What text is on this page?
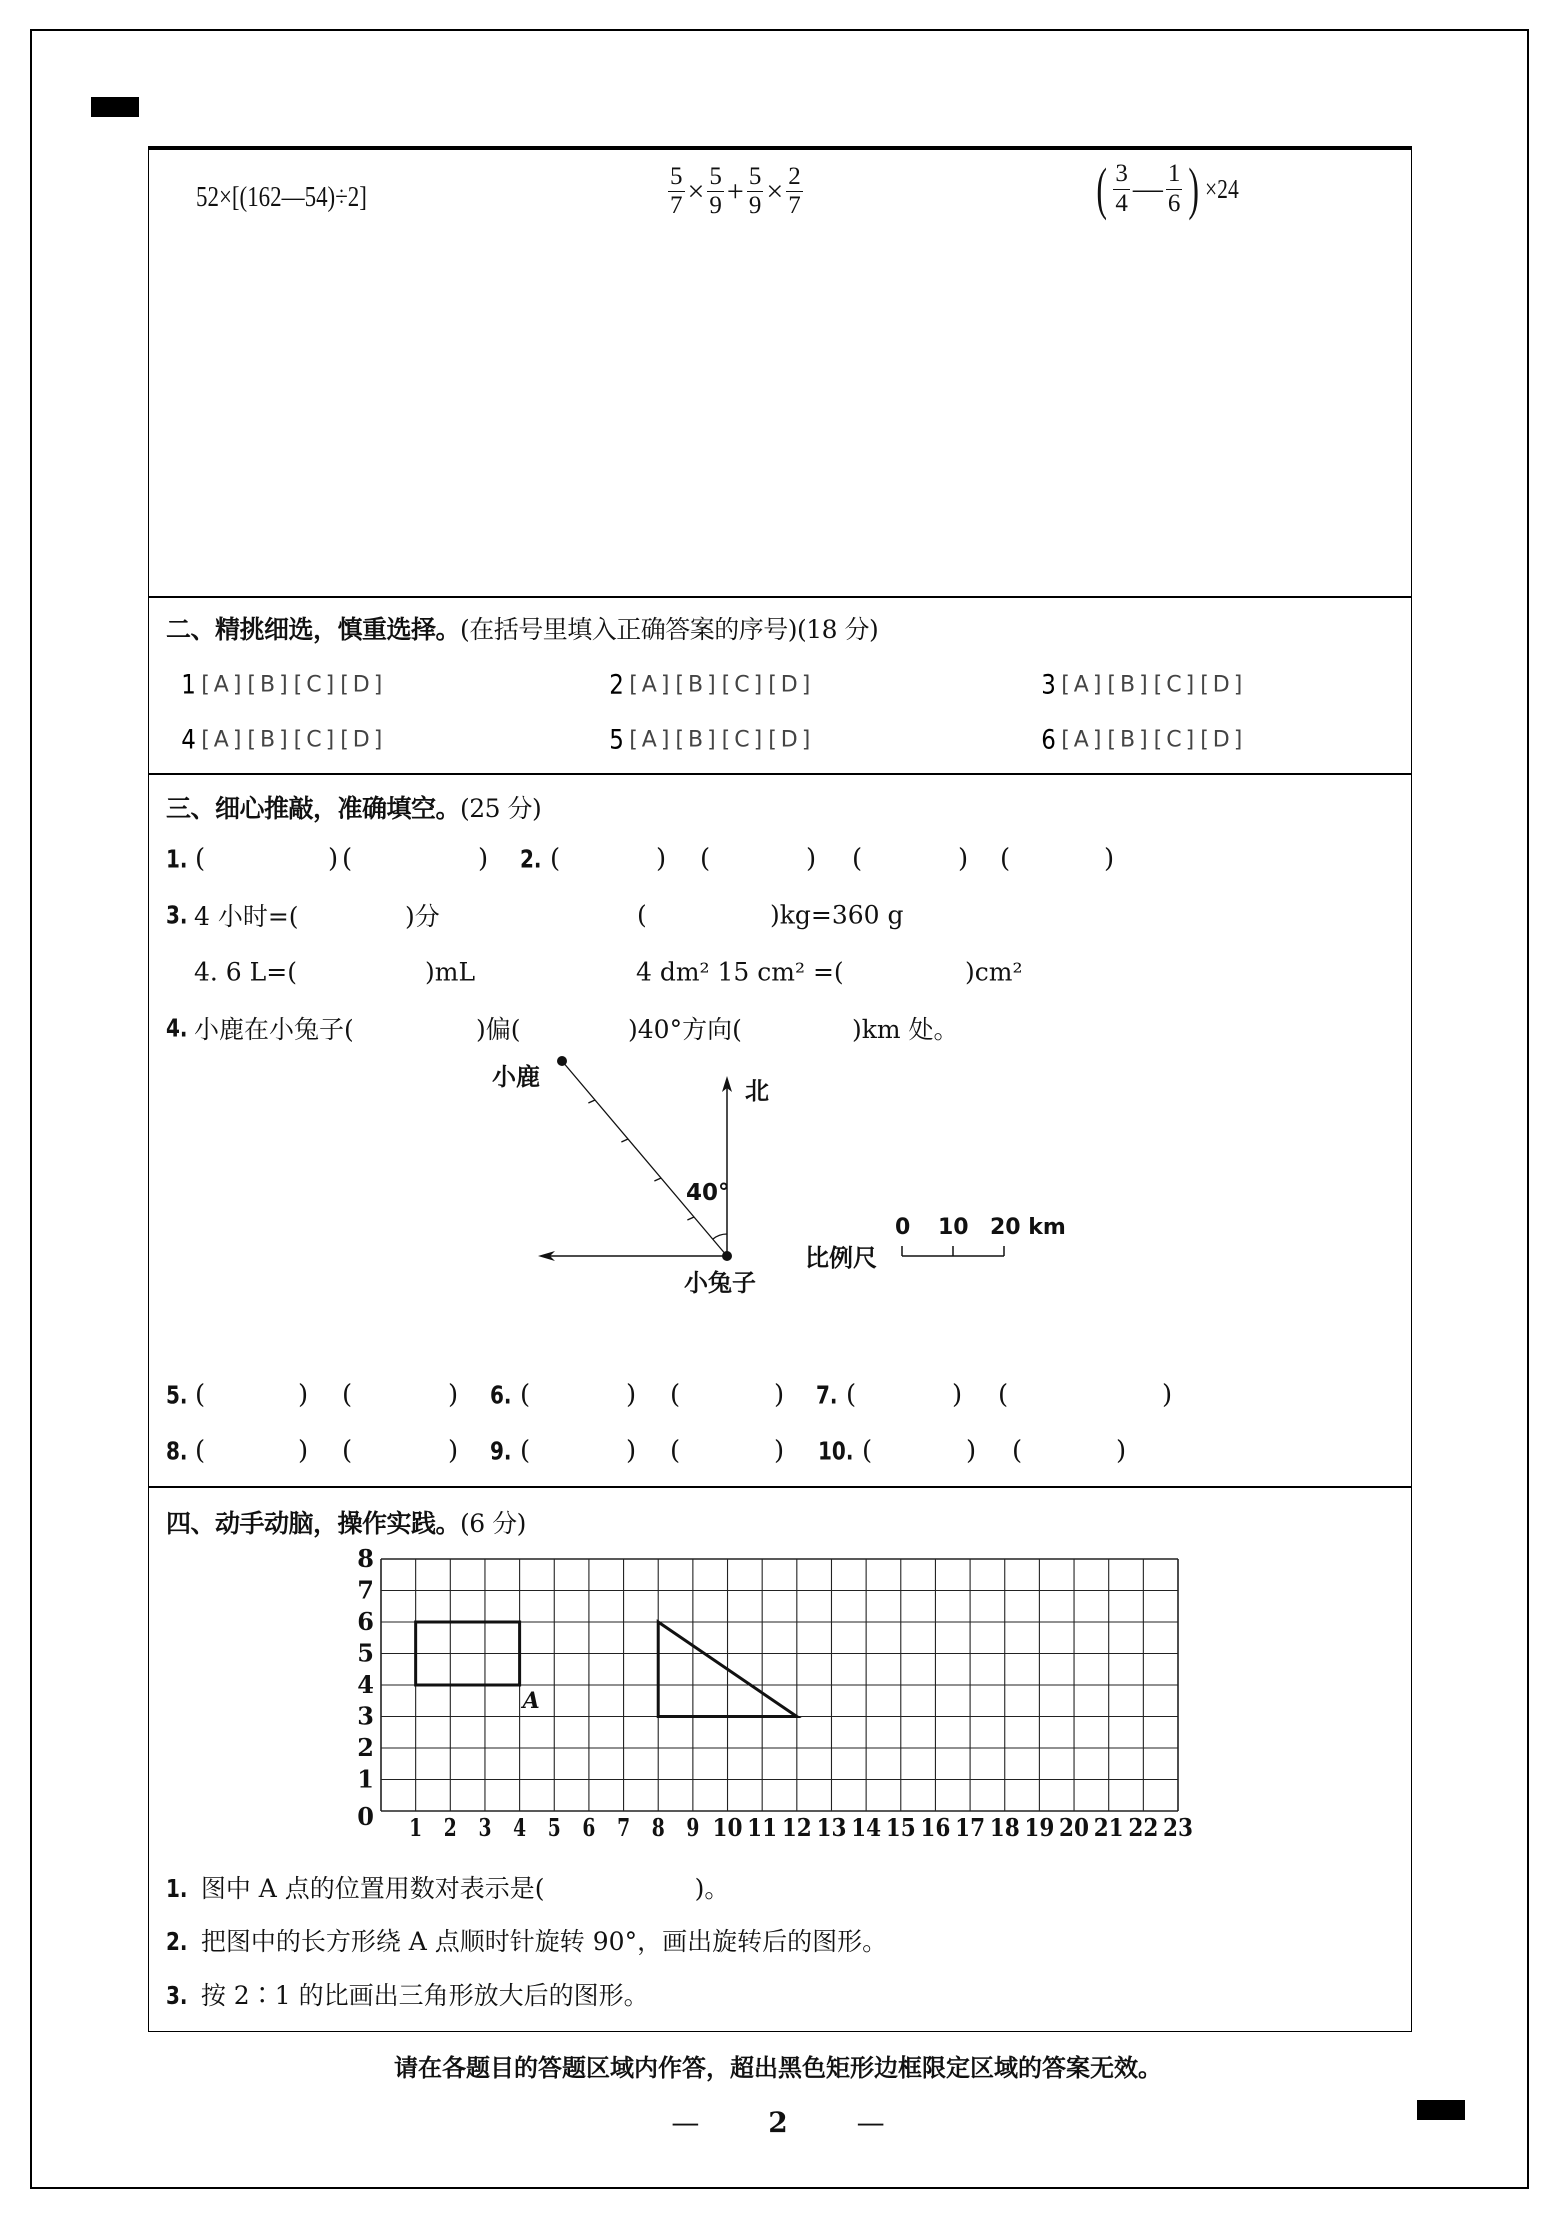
52×[(162—54)÷2]	$\frac{5}{7} \times \frac{5}{9} + \frac{5}{9} \times \frac{2}{7}$	( $\frac{3}{4}$ — $\frac{1}{6}$ ) ×24
二、精挑细选，慎重选择。(在括号里填入正确答案的序号)(18 分)
1 [A] [B] [C] [D]	2 [A] [B] [C] [D]	3 [A] [B] [C] [D]
4 [A] [B] [C] [D]	5 [A] [B] [C] [D]	6 [A] [B] [C] [D]
三、细心推敲，准确填空。(25 分)
1. (	) (	) 2. (	) (	) (	) (	)
3. 4 小时=(	)分	(	)kg=360 g
4. 6 L=(	)mL	4 dm² 15 cm² =(	)cm²
4. 小鹿在小兔子(	)偏(	)40°方向(	)km 处。
小鹿	北
40°
小兔子
比例尺
0 10 20 km
5. (	) (	) 6. (	) (	) 7. (	) (	)
8. (	) (	) 9. (	) (	) 10. (	) (	)
四、动手动脑，操作实践。(6 分)
1 2 3 4 5 6 7 8 9 10 11 12 13 14 15 16 17 18 19 20 21 22 23
0
1
2
3
4
5
6
7
8
A
1. 图中 A 点的位置用数对表示是(	)。
2. 把图中的长方形绕 A 点顺时针旋转 90°，画出旋转后的图形。
3. 按 2∶1 的比画出三角形放大后的图形。
请在各题目的答题区域内作答，超出黑色矩形边框限定区域的答案无效。
— 2 —
